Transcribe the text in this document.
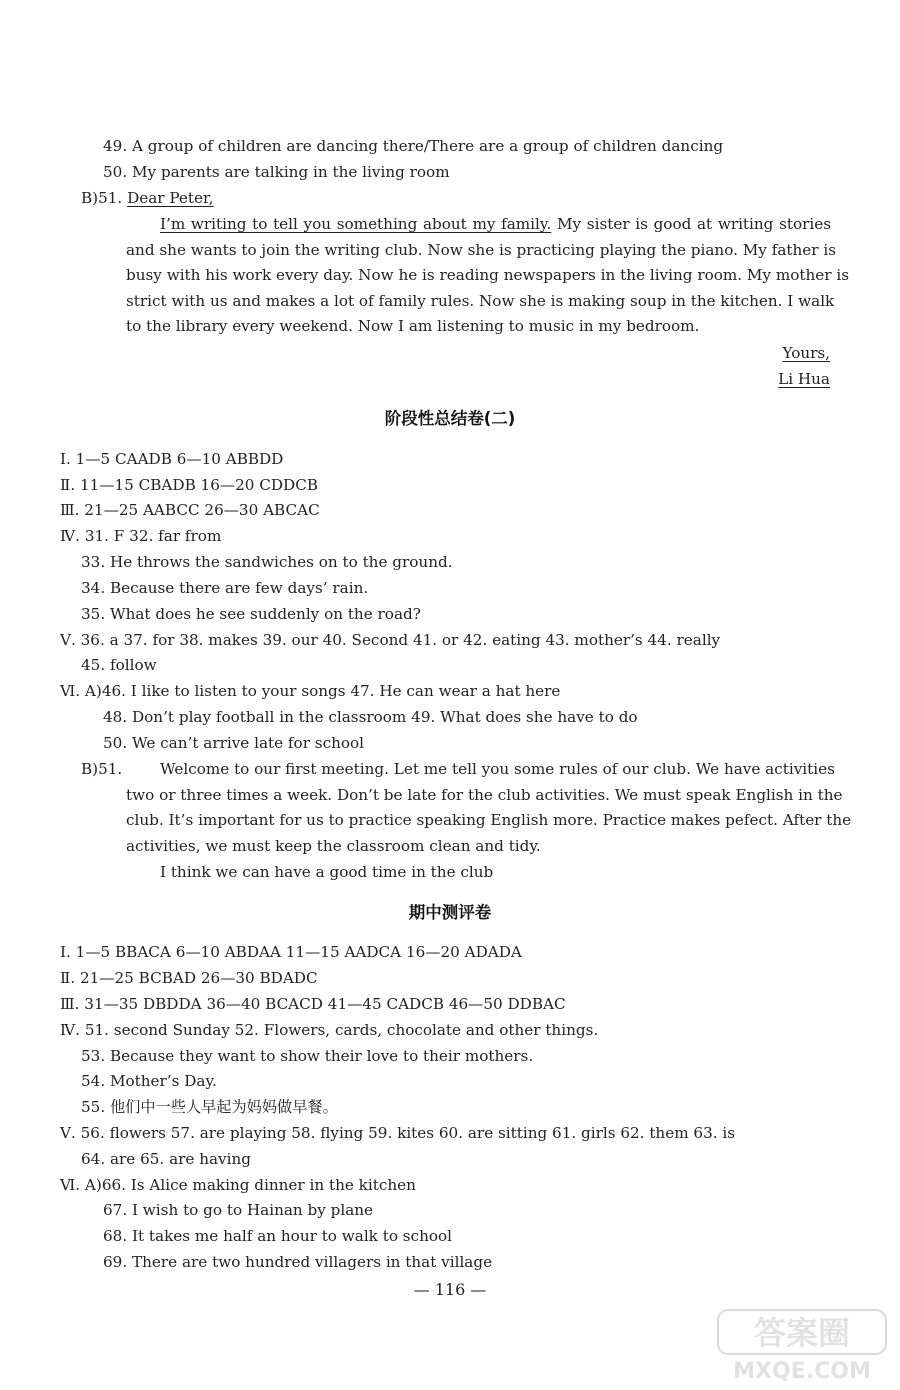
49. A group of children are dancing there/There are a group of children dancing
50. My parents are talking in the living room
B)51. Dear Peter,
I’m writing to tell you something about my family. My sister is good at writing stories
and she wants to join the writing club. Now she is practicing playing the piano. My father is
busy with his work every day. Now he is reading newspapers in the living room. My mother is
strict with us and makes a lot of family rules. Now she is making soup in the kitchen. I walk
to the library every weekend. Now I am listening to music in my bedroom.
Yours,
Li Hua
阶段性总结卷(二)
Ⅰ. 1—5 CAADB 6—10 ABBDD
Ⅱ. 11—15 CBADB 16—20 CDDCB
Ⅲ. 21—25 AABCC 26—30 ABCAC
Ⅳ. 31. F 32. far from
33. He throws the sandwiches on to the ground.
34. Because there are few days’ rain.
35. What does he see suddenly on the road?
Ⅴ. 36. a 37. for 38. makes 39. our 40. Second 41. or 42. eating 43. mother’s 44. really
45. follow
Ⅵ. A)46. I like to listen to your songs 47. He can wear a hat here
48. Don’t play football in the classroom 49. What does she have to do
50. We can’t arrive late for school
B)51. Welcome to our first meeting. Let me tell you some rules of our club. We have activities
two or three times a week. Don’t be late for the club activities. We must speak English in the
club. It’s important for us to practice speaking English more. Practice makes pefect. After the
activities, we must keep the classroom clean and tidy.
I think we can have a good time in the club
期中测评卷
Ⅰ. 1—5 BBACA 6—10 ABDAA 11—15 AADCA 16—20 ADADA
Ⅱ. 21—25 BCBAD 26—30 BDADC
Ⅲ. 31—35 DBDDA 36—40 BCACD 41—45 CADCB 46—50 DDBAC
Ⅳ. 51. second Sunday 52. Flowers, cards, chocolate and other things.
53. Because they want to show their love to their mothers.
54. Mother’s Day.
55. 他们中一些人早起为妈妈做早餐。
Ⅴ. 56. flowers 57. are playing 58. flying 59. kites 60. are sitting 61. girls 62. them 63. is
64. are 65. are having
Ⅵ. A)66. Is Alice making dinner in the kitchen
67. I wish to go to Hainan by plane
68. It takes me half an hour to walk to school
69. There are two hundred villagers in that village
— 116 —
答案圈
MXQE.COM
